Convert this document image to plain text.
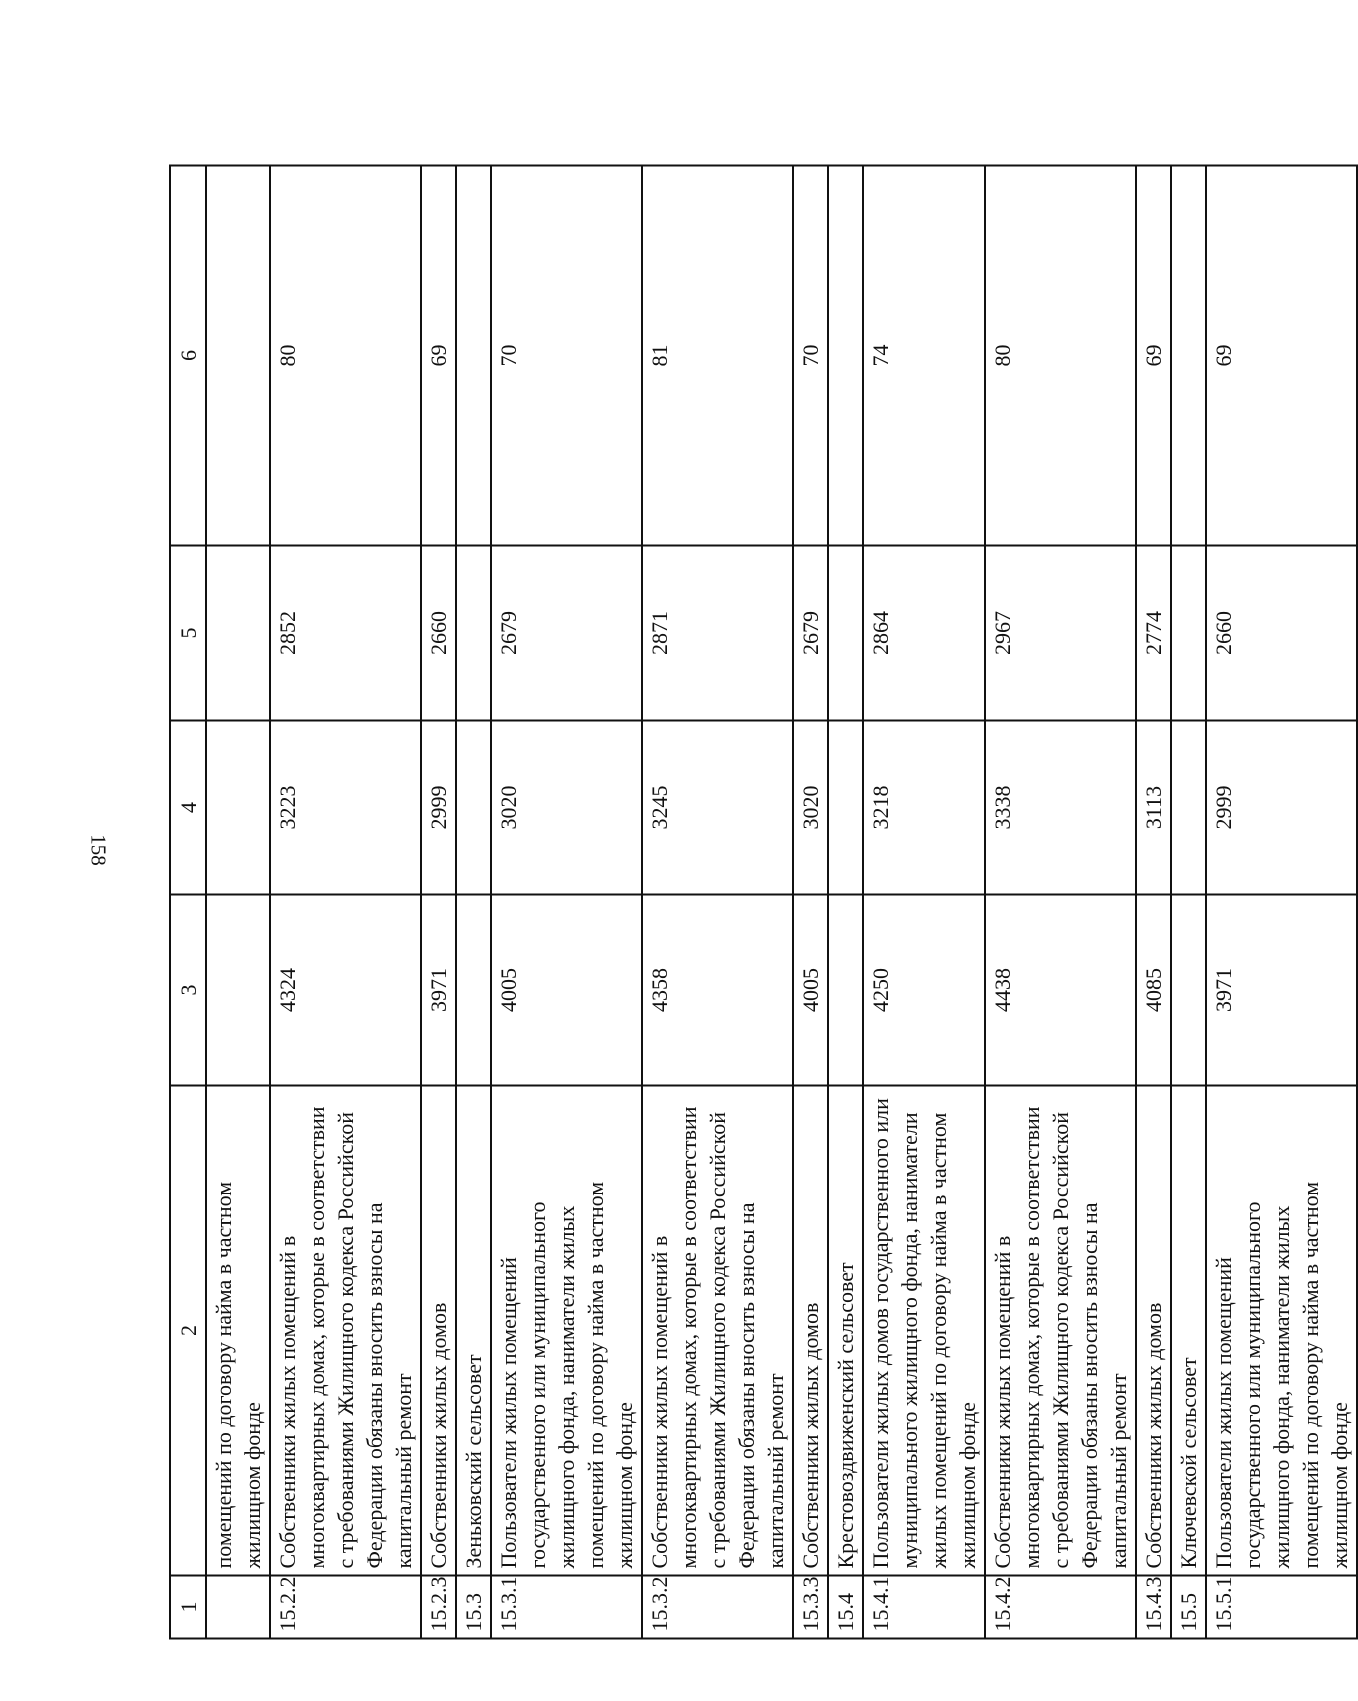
158
1	2	3	4	5	6
	помещений по договору найма в частном жилищном фонде				
15.2.2	Собственники жилых помещений в многоквартирных домах, которые в соответствии с требованиями Жилищного кодекса Российской Федерации обязаны вносить взносы на капитальный ремонт	4324	3223	2852	80
15.2.3	Собственники жилых домов	3971	2999	2660	69
15.3	Зеньковский сельсовет				
15.3.1	Пользователи жилых помещений государственного или муниципального жилищного фонда, наниматели жилых помещений по договору найма в частном жилищном фонде	4005	3020	2679	70
15.3.2	Собственники жилых помещений в многоквартирных домах, которые в соответствии с требованиями Жилищного кодекса Российской Федерации обязаны вносить взносы на капитальный ремонт	4358	3245	2871	81
15.3.3	Собственники жилых домов	4005	3020	2679	70
15.4	Крестовоздвиженский сельсовет				
15.4.1	Пользователи жилых домов государственного или муниципального жилищного фонда, наниматели жилых помещений по договору найма в частном жилищном фонде	4250	3218	2864	74
15.4.2	Собственники жилых помещений в многоквартирных домах, которые в соответствии с требованиями Жилищного кодекса Российской Федерации обязаны вносить взносы на капитальный ремонт	4438	3338	2967	80
15.4.3	Собственники жилых домов	4085	3113	2774	69
15.5	Ключевской сельсовет				
15.5.1	Пользователи жилых помещений государственного или муниципального жилищного фонда, наниматели жилых помещений по договору найма в частном жилищном фонде	3971	2999	2660	69
